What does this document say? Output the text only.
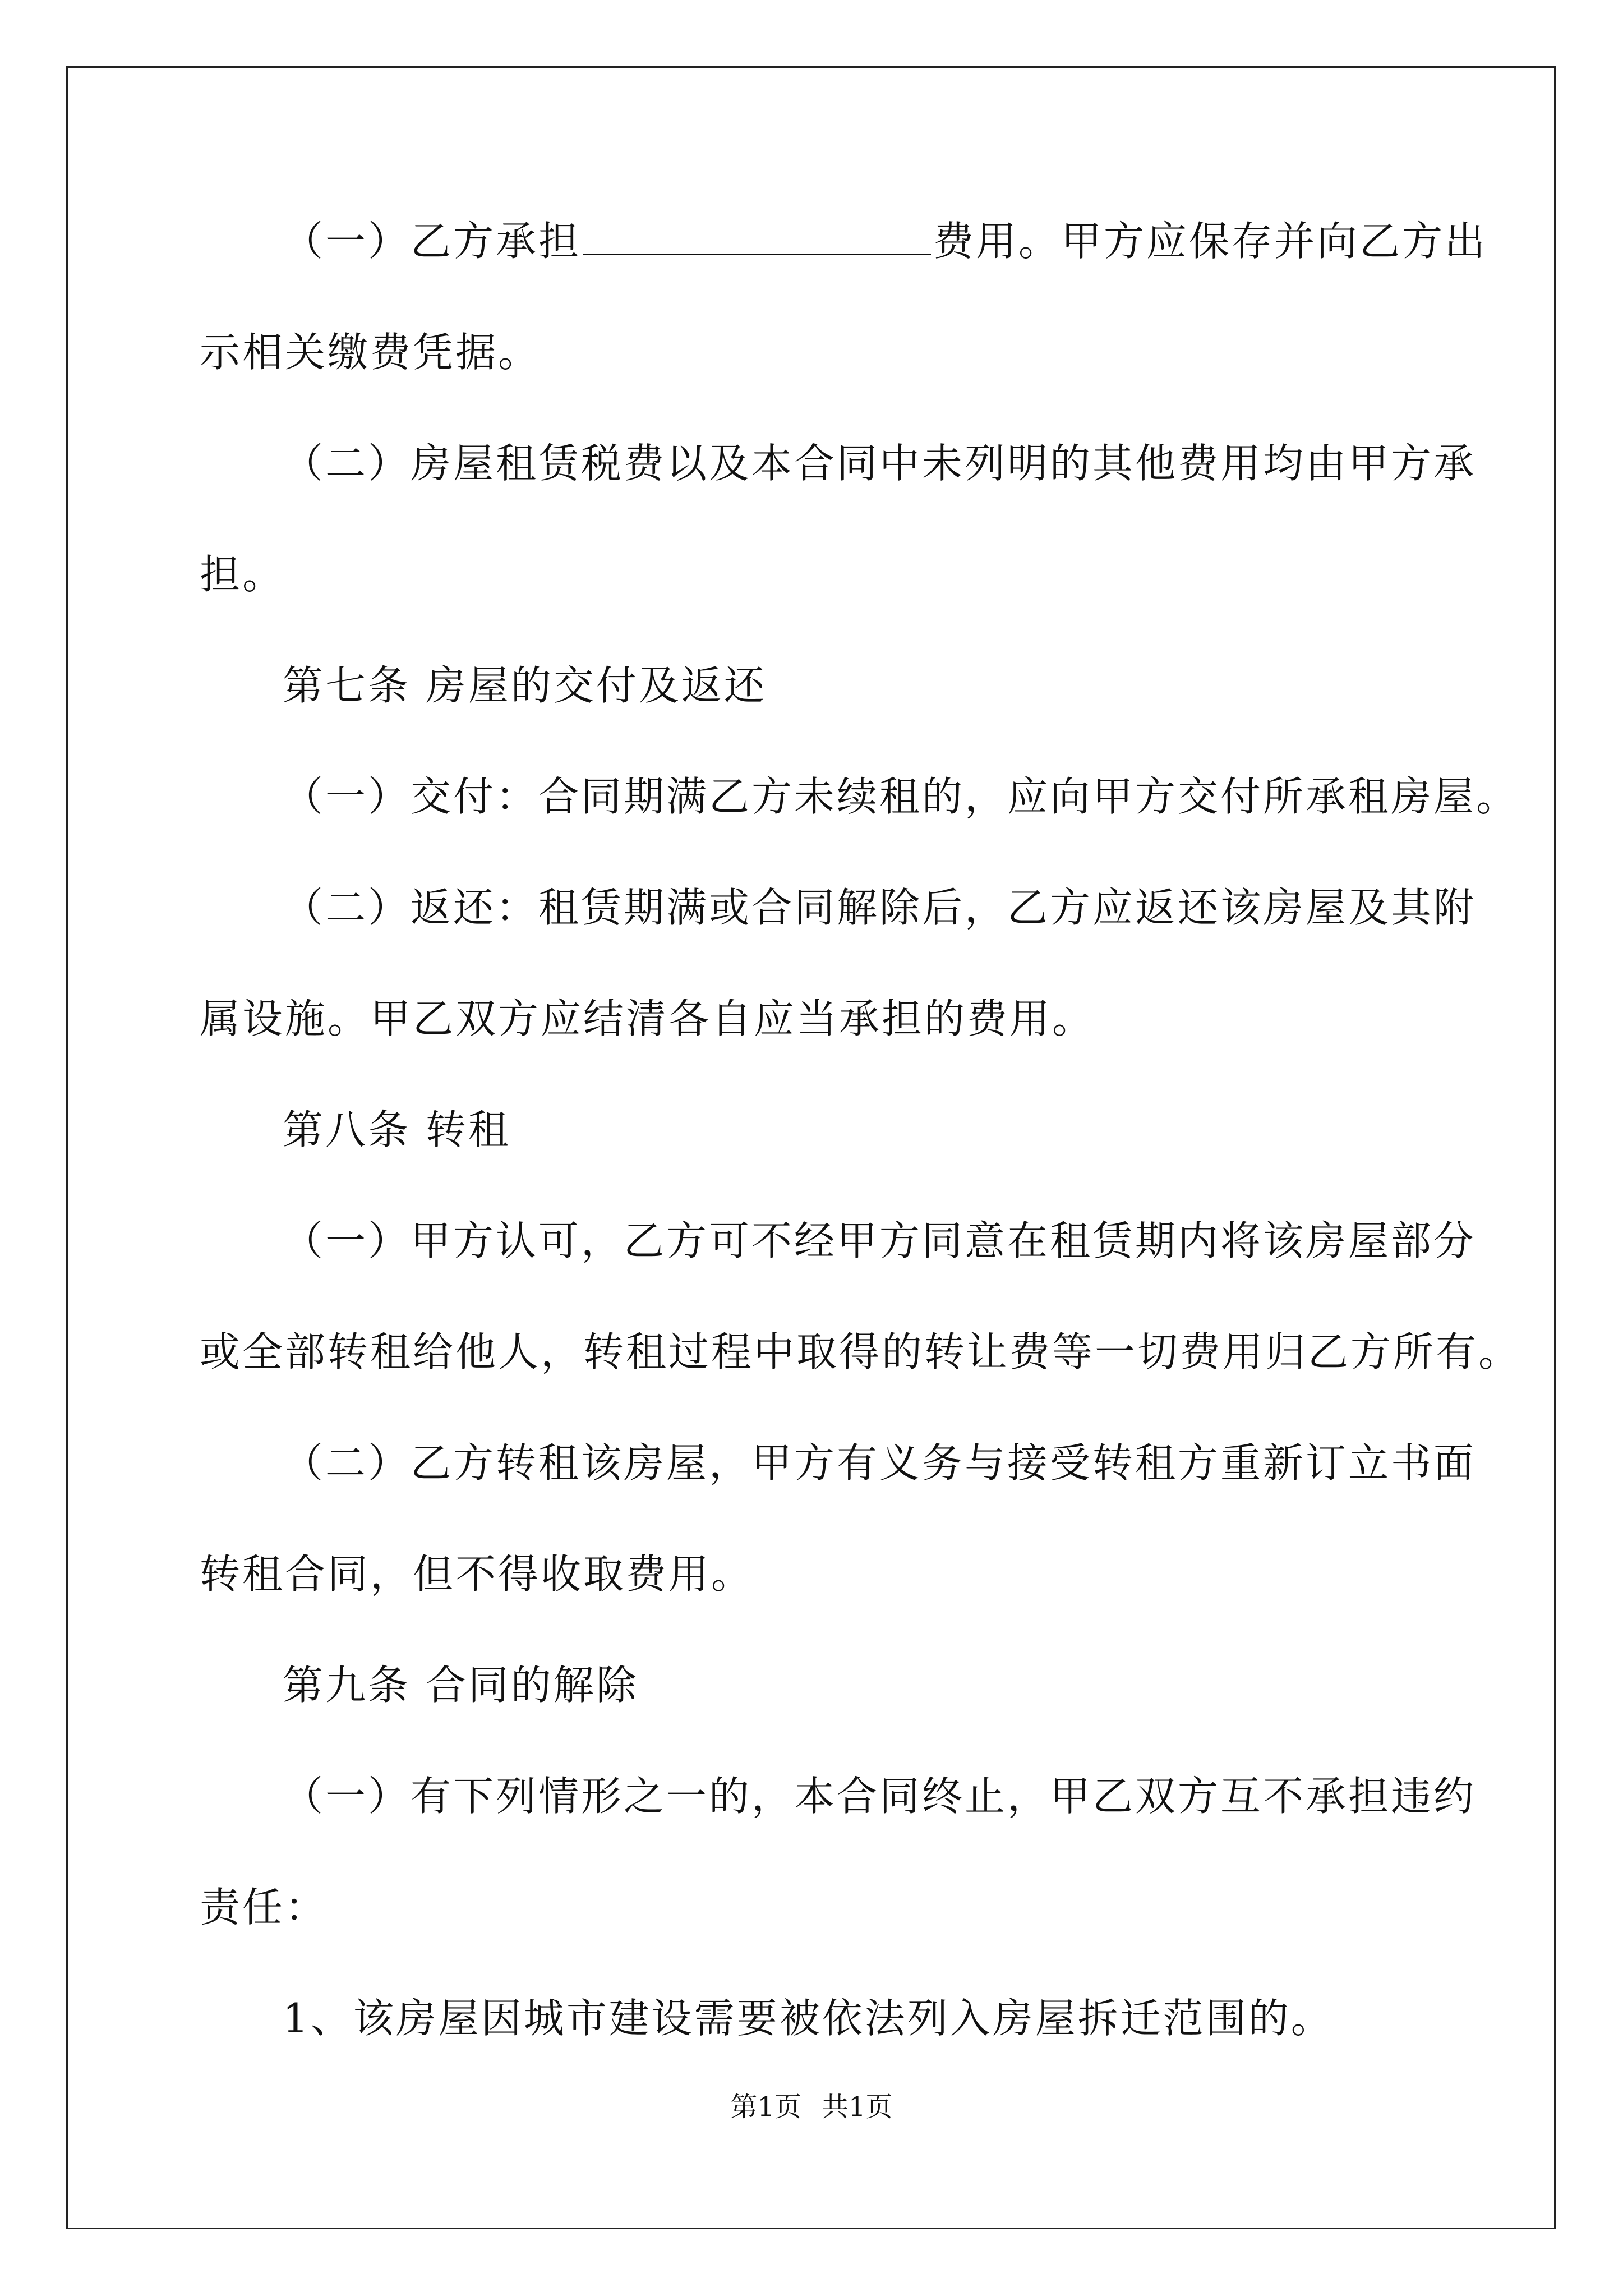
（一）乙方承担	费用。甲方应保存并向乙方出
示相关缴费凭据。
（二）房屋租赁税费以及本合同中未列明的其他费用均由甲方承
担。
第七条 房屋的交付及返还
（一）交付：合同期满乙方未续租的，应向甲方交付所承租房屋。
（二）返还：租赁期满或合同解除后，乙方应返还该房屋及其附
属设施。甲乙双方应结清各自应当承担的费用。
第八条 转租
（一）甲方认可，乙方可不经甲方同意在租赁期内将该房屋部分
或全部转租给他人，转租过程中取得的转让费等一切费用归乙方所有。
（二）乙方转租该房屋，甲方有义务与接受转租方重新订立书面
转租合同，但不得收取费用。
第九条 合同的解除
（一）有下列情形之一的，本合同终止，甲乙双方互不承担违约
责任：
1、该房屋因城市建设需要被依法列入房屋拆迁范围的。
第1页 共1页
